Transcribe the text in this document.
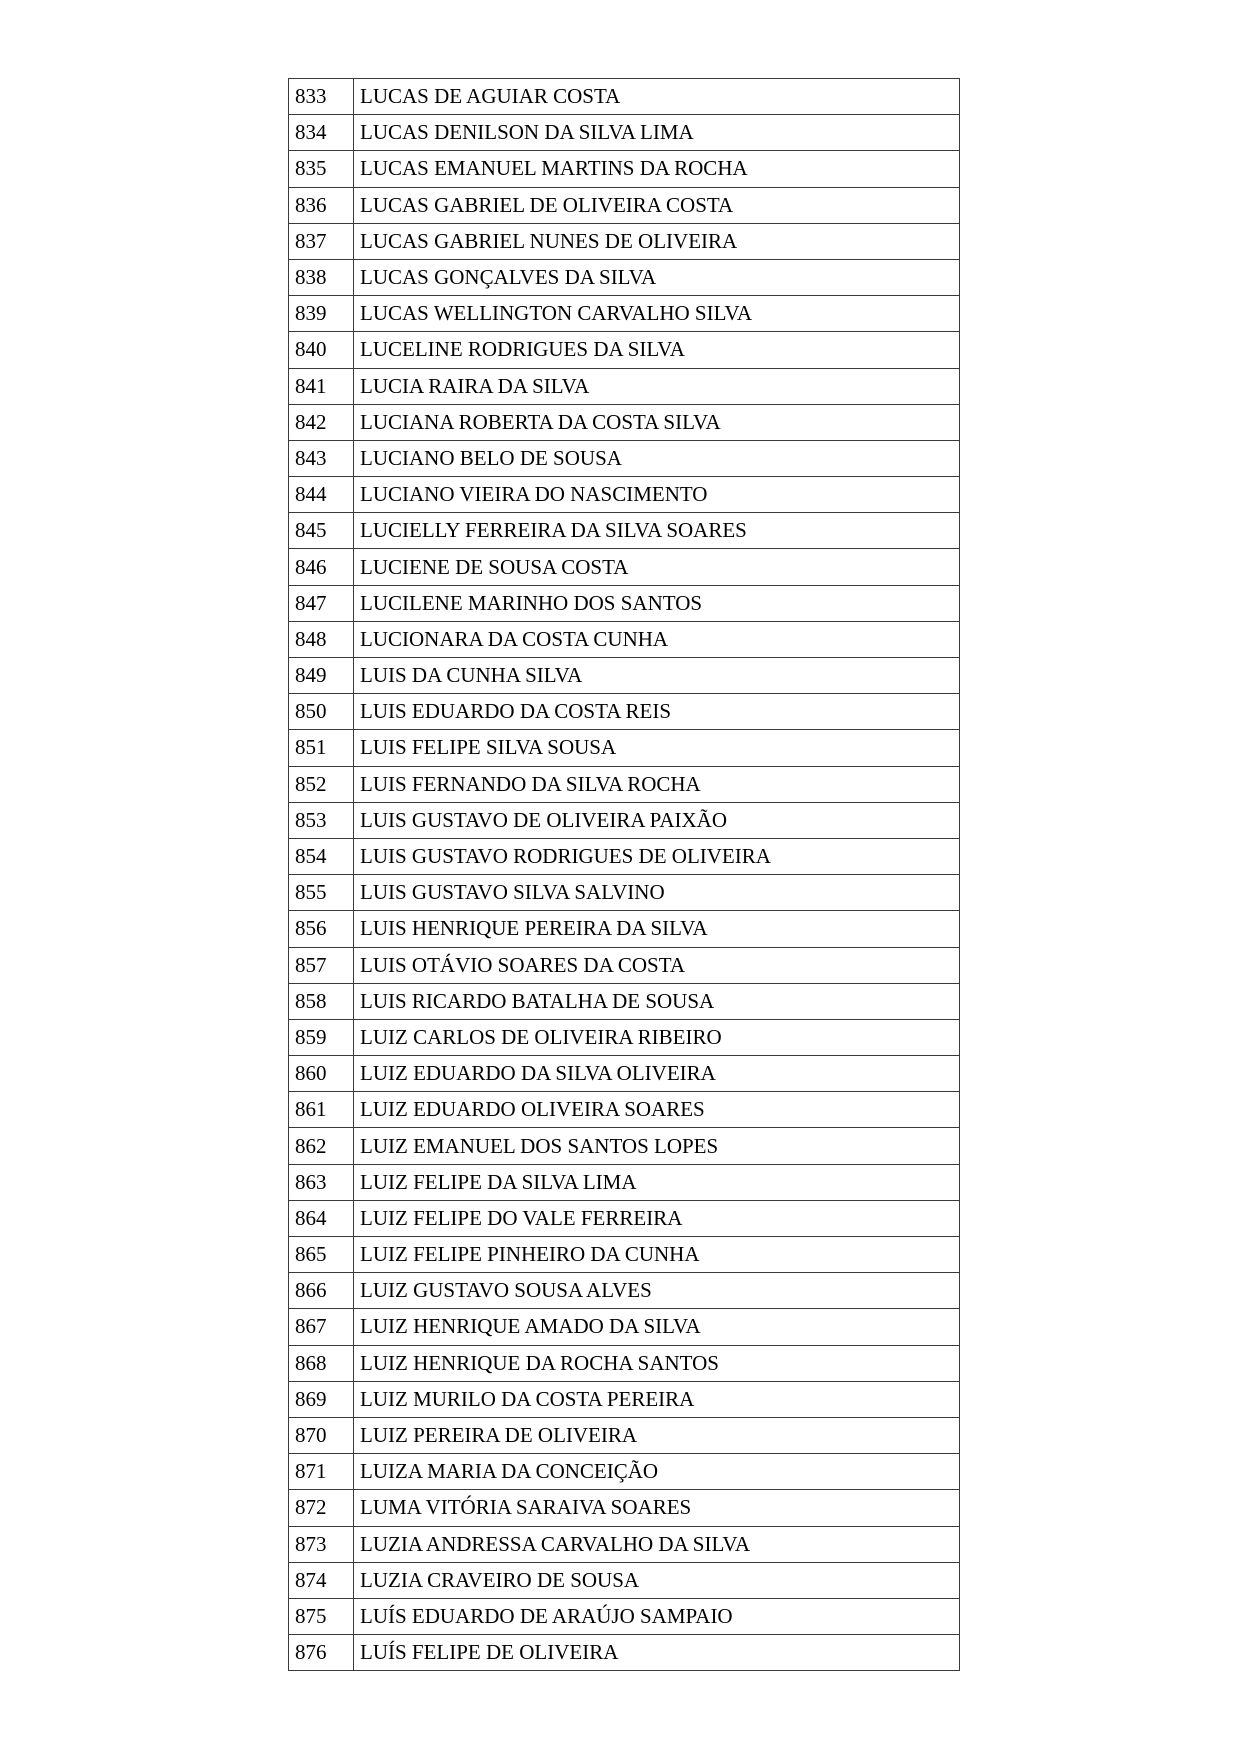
833	LUCAS DE AGUIAR COSTA
834	LUCAS DENILSON DA SILVA LIMA
835	LUCAS EMANUEL MARTINS DA ROCHA
836	LUCAS GABRIEL DE OLIVEIRA COSTA
837	LUCAS GABRIEL NUNES DE OLIVEIRA
838	LUCAS GONÇALVES DA SILVA
839	LUCAS WELLINGTON CARVALHO SILVA
840	LUCELINE RODRIGUES DA SILVA
841	LUCIA RAIRA DA SILVA
842	LUCIANA ROBERTA DA COSTA SILVA
843	LUCIANO BELO DE SOUSA
844	LUCIANO VIEIRA DO NASCIMENTO
845	LUCIELLY FERREIRA DA SILVA SOARES
846	LUCIENE DE SOUSA COSTA
847	LUCILENE MARINHO DOS SANTOS
848	LUCIONARA DA COSTA CUNHA
849	LUIS DA CUNHA SILVA
850	LUIS EDUARDO DA COSTA REIS
851	LUIS FELIPE SILVA SOUSA
852	LUIS FERNANDO DA SILVA ROCHA
853	LUIS GUSTAVO DE OLIVEIRA PAIXÃO
854	LUIS GUSTAVO RODRIGUES DE OLIVEIRA
855	LUIS GUSTAVO SILVA SALVINO
856	LUIS HENRIQUE PEREIRA DA SILVA
857	LUIS OTÁVIO SOARES DA COSTA
858	LUIS RICARDO BATALHA DE SOUSA
859	LUIZ CARLOS DE OLIVEIRA RIBEIRO
860	LUIZ EDUARDO DA SILVA OLIVEIRA
861	LUIZ EDUARDO OLIVEIRA SOARES
862	LUIZ EMANUEL DOS SANTOS LOPES
863	LUIZ FELIPE DA SILVA LIMA
864	LUIZ FELIPE DO VALE FERREIRA
865	LUIZ FELIPE PINHEIRO DA CUNHA
866	LUIZ GUSTAVO SOUSA ALVES
867	LUIZ HENRIQUE AMADO DA SILVA
868	LUIZ HENRIQUE DA ROCHA SANTOS
869	LUIZ MURILO DA COSTA PEREIRA
870	LUIZ PEREIRA DE OLIVEIRA
871	LUIZA MARIA DA CONCEIÇÃO
872	LUMA VITÓRIA SARAIVA SOARES
873	LUZIA ANDRESSA CARVALHO DA SILVA
874	LUZIA CRAVEIRO DE SOUSA
875	LUÍS EDUARDO DE ARAÚJO SAMPAIO
876	LUÍS FELIPE DE OLIVEIRA
